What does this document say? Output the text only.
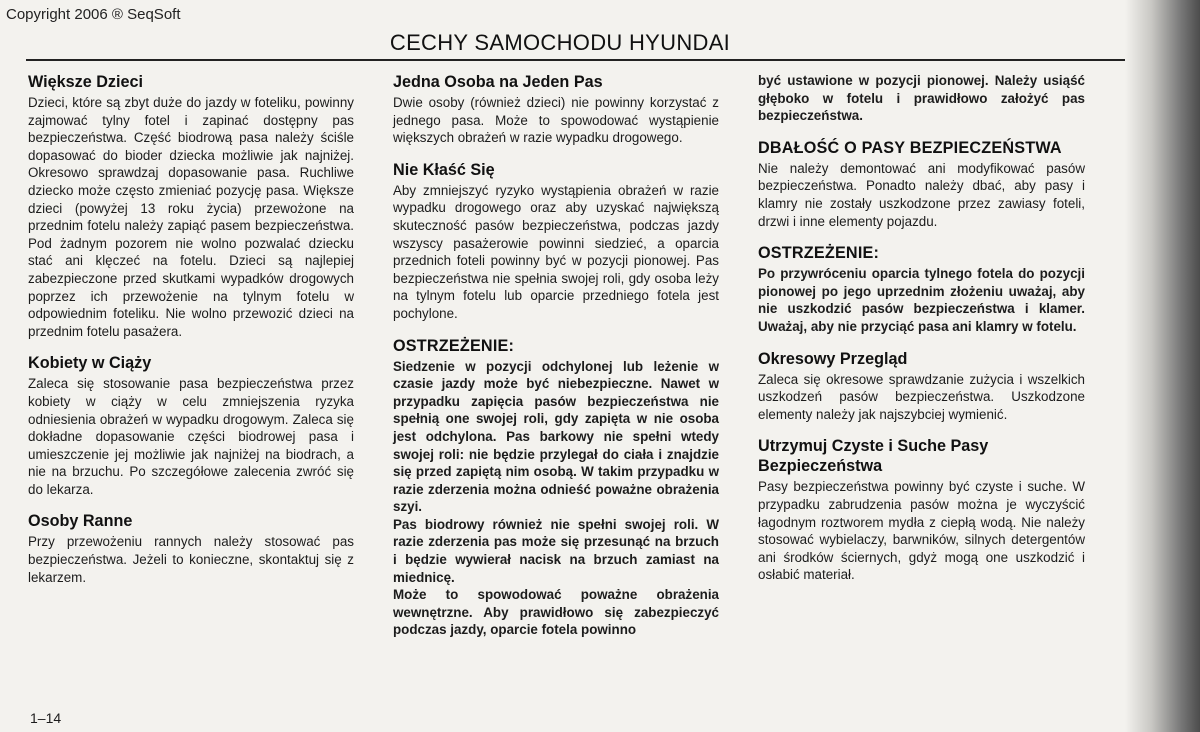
Copyright 2006 ® SeqSoft
CECHY SAMOCHODU HYUNDAI
Większe Dzieci

Dzieci, które są zbyt duże do jazdy w foteliku, powinny zajmować tylny fotel i zapinać dostępny pas bezpieczeństwa. Część biodrową pasa należy ściśle dopasować do bioder dziecka możliwie jak najniżej. Okresowo sprawdzaj dopasowanie pasa. Ruchliwe dziecko może często zmieniać pozycję pasa. Większe dzieci (powyżej 13 roku życia) przewożone na przednim fotelu należy zapiąć pasem bezpieczeństwa. Pod żadnym pozorem nie wolno pozwalać dziecku stać ani klęczeć na fotelu. Dzieci są najlepiej zabezpieczone przed skutkami wypadków drogowych poprzez ich przewożenie na tylnym fotelu w odpowiednim foteliku. Nie wolno przewozić dzieci na przednim fotelu pasażera.

Kobiety w Ciąży

Zaleca się stosowanie pasa bezpieczeństwa przez kobiety w ciąży w celu zmniejszenia ryzyka odniesienia obrażeń w wypadku drogowym. Zaleca się dokładne dopasowanie części biodrowej pasa i umieszczenie jej możliwie jak najniżej na biodrach, a nie na brzuchu. Po szczegółowe zalecenia zwróć się do lekarza.

Osoby Ranne

Przy przewożeniu rannych należy stosować pas bezpieczeństwa. Jeżeli to konieczne, skontaktuj się z lekarzem.

Jedna Osoba na Jeden Pas

Dwie osoby (również dzieci) nie powinny korzystać z jednego pasa. Może to spowodować wystąpienie większych obrażeń w razie wypadku drogowego.

Nie Kłaść Się

Aby zmniejszyć ryzyko wystąpienia obrażeń w razie wypadku drogowego oraz aby uzyskać największą skuteczność pasów bezpieczeństwa, podczas jazdy wszyscy pasażerowie powinni siedzieć, a oparcia przednich foteli powinny być w pozycji pionowej. Pas bezpieczeństwa nie spełnia swojej roli, gdy osoba leży na tylnym fotelu lub oparcie przedniego fotela jest pochylone.

OSTRZEŻENIE:

Siedzenie w pozycji odchylonej lub leżenie w czasie jazdy może być niebezpieczne. Nawet w przypadku zapięcia pasów bezpieczeństwa nie spełnią one swojej roli, gdy zapięta w nie osoba jest odchylona. Pas barkowy nie spełni wtedy swojej roli: nie będzie przylegał do ciała i znajdzie się przed zapiętą nim osobą. W takim przypadku w razie zderzenia można odnieść poważne obrażenia szyi.

Pas biodrowy również nie spełni swojej roli. W razie zderzenia pas może się przesunąć na brzuch i będzie wywierał nacisk na brzuch zamiast na miednicę.

Może to spowodować poważne obrażenia wewnętrzne. Aby prawidłowo się zabezpieczyć podczas jazdy, oparcie fotela powinno

być ustawione w pozycji pionowej. Należy usiąść głęboko w fotelu i prawidłowo założyć pas bezpieczeństwa.

DBAŁOŚĆ O PASY BEZPIECZEŃSTWA

Nie należy demontować ani modyfikować pasów bezpieczeństwa. Ponadto należy dbać, aby pasy i klamry nie zostały uszkodzone przez zawiasy foteli, drzwi i inne elementy pojazdu.

OSTRZEŻENIE:

Po przywróceniu oparcia tylnego fotela do pozycji pionowej po jego uprzednim złożeniu uważaj, aby nie uszkodzić pasów bezpieczeństwa i klamer. Uważaj, aby nie przyciąć pasa ani klamry w fotelu.

Okresowy Przegląd

Zaleca się okresowe sprawdzanie zużycia i wszelkich uszkodzeń pasów bezpieczeństwa. Uszkodzone elementy należy jak najszybciej wymienić.

Utrzymuj Czyste i Suche Pasy Bezpieczeństwa

Pasy bezpieczeństwa powinny być czyste i suche. W przypadku zabrudzenia pasów można je wyczyścić łagodnym roztworem mydła z ciepłą wodą. Nie należy stosować wybielaczy, barwników, silnych detergentów ani środków ściernych, gdyż mogą one uszkodzić i osłabić materiał.

1–14
